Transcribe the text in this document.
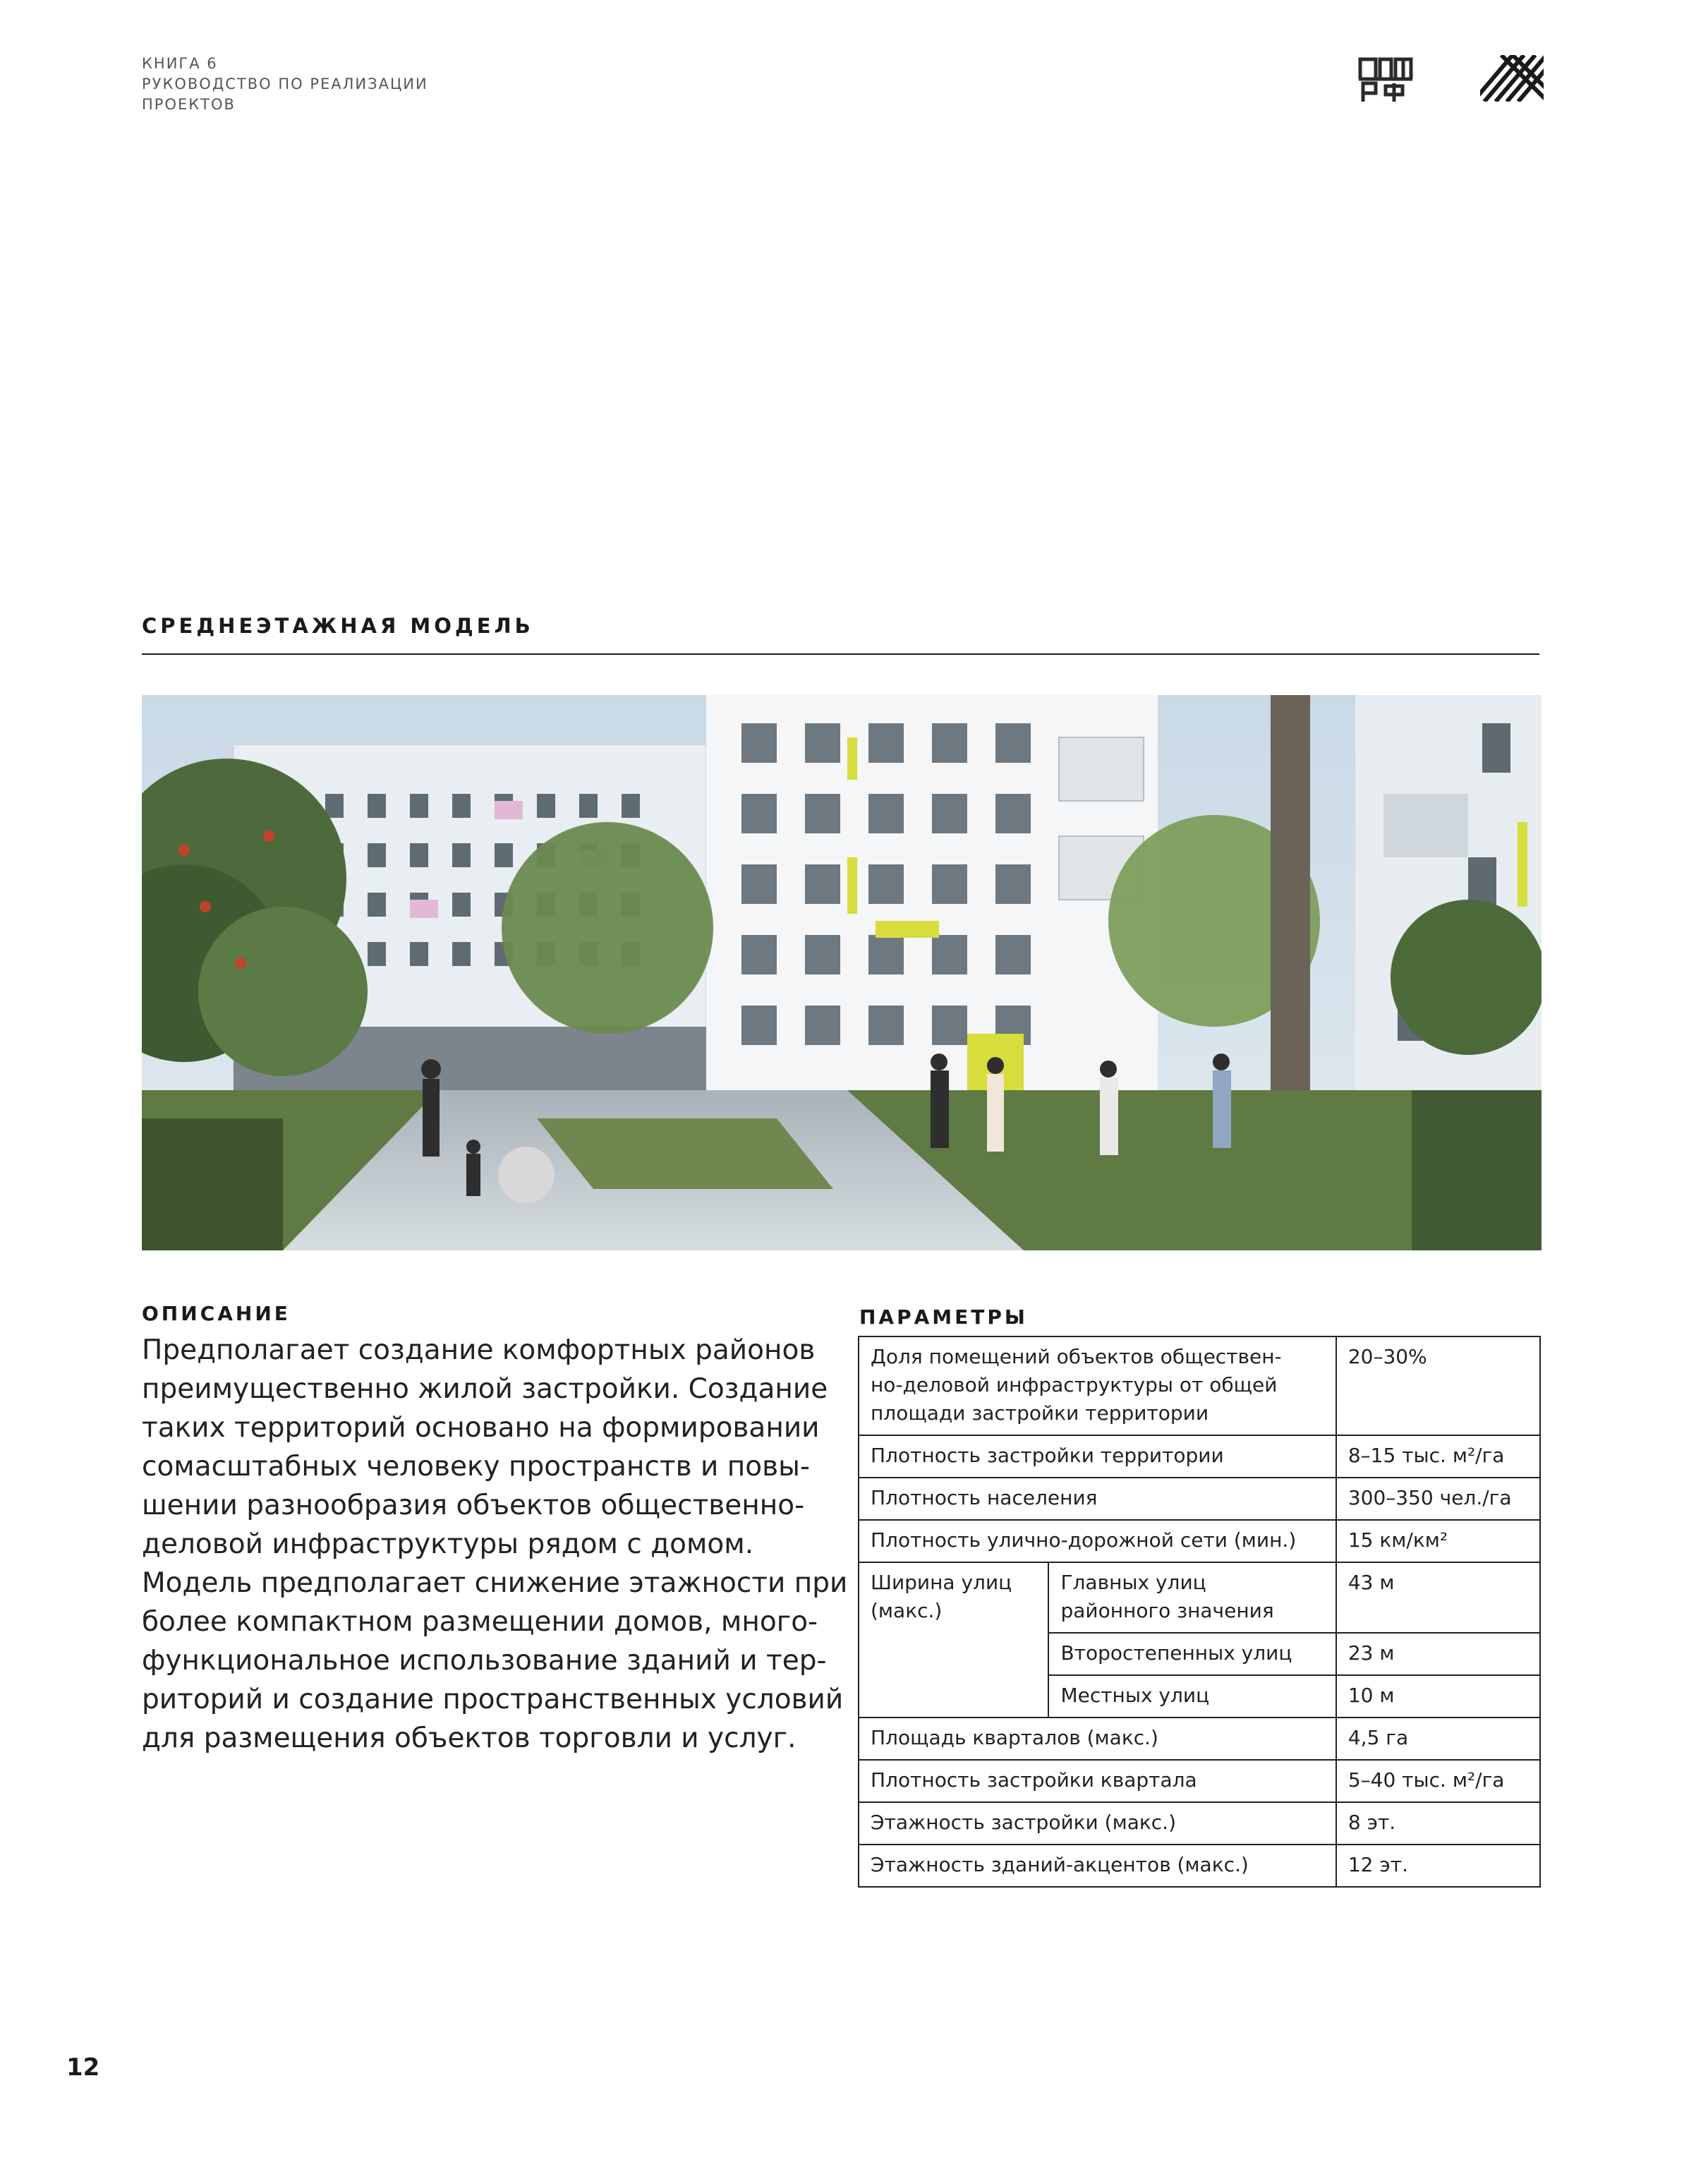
КНИГА 6
РУКОВОДСТВО ПО РЕАЛИЗАЦИИ
ПРОЕКТОВ
СРЕДНЕЭТАЖНАЯ МОДЕЛЬ
ОПИСАНИЕ
Предполагает создание комфортных районов
преимущественно жилой застройки. Создание
таких территорий основано на формировании
сомасштабных человеку пространств и повы-
шении разнообразия объектов общественно-
деловой инфраструктуры рядом с домом.
Модель предполагает снижение этажности при
более компактном размещении домов, много-
функциональное использование зданий и тер-
риторий и создание пространственных условий
для размещения объектов торговли и услуг.
ПАРАМЕТРЫ
Доля помещений объектов обществен-
но-деловой инфраструктуры от общей
площади застройки территории		20–30%
Плотность застройки территории		8–15 тыс. м²/га
Плотность населения		300–350 чел./га
Плотность улично-дорожной сети (мин.)		15 км/км²
Ширина улиц
(макс.)	Главных улиц
районного значения	43 м
	Второстепенных улиц	23 м
	Местных улиц	10 м
Площадь кварталов (макс.)		4,5 га
Плотность застройки квартала		5–40 тыс. м²/га
Этажность застройки (макс.)		8 эт.
Этажность зданий-акцентов (макс.)		12 эт.
12
